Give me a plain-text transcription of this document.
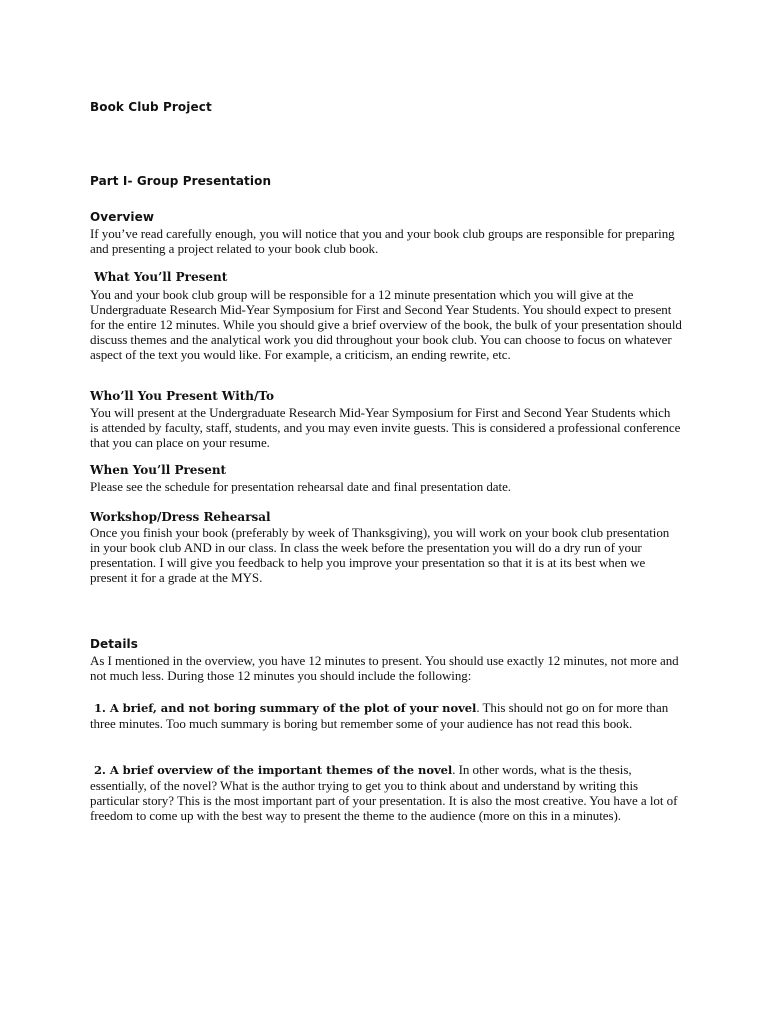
Book Club Project
Part I- Group Presentation
Overview

If you’ve read carefully enough, you will notice that you and your book club groups are responsible for preparing and presenting a project related to your book club book.

What You’ll Present

You and your book club group will be responsible for a 12 minute presentation which you will give at the Undergraduate Research Mid-Year Symposium for First and Second Year Students. You should expect to present for the entire 12 minutes. While you should give a brief overview of the book, the bulk of your presentation should discuss themes and the analytical work you did throughout your book club. You can choose to focus on whatever aspect of the text you would like. For example, a criticism, an ending rewrite, etc.

Who’ll You Present With/To

You will present at the Undergraduate Research Mid-Year Symposium for First and Second Year Students which is attended by faculty, staff, students, and you may even invite guests. This is considered a professional conference that you can place on your resume.

When You’ll Present

Please see the schedule for presentation rehearsal date and final presentation date.

Workshop/Dress Rehearsal

Once you finish your book (preferably by week of Thanksgiving), you will work on your book club presentation in your book club AND in our class. In class the week before the presentation you will do a dry run of your presentation. I will give you feedback to help you improve your presentation so that it is at its best when we present it for a grade at the MYS.

Details

As I mentioned in the overview, you have 12 minutes to present. You should use exactly 12 minutes, not more and not much less. During those 12 minutes you should include the following:

1. A brief, and not boring summary of the plot of your novel. This should not go on for more than three minutes. Too much summary is boring but remember some of your audience has not read this book.

2. A brief overview of the important themes of the novel. In other words, what is the thesis, essentially, of the novel? What is the author trying to get you to think about and understand by writing this particular story? This is the most important part of your presentation. It is also the most creative. You have a lot of freedom to come up with the best way to present the theme to the audience (more on this in a minutes).
